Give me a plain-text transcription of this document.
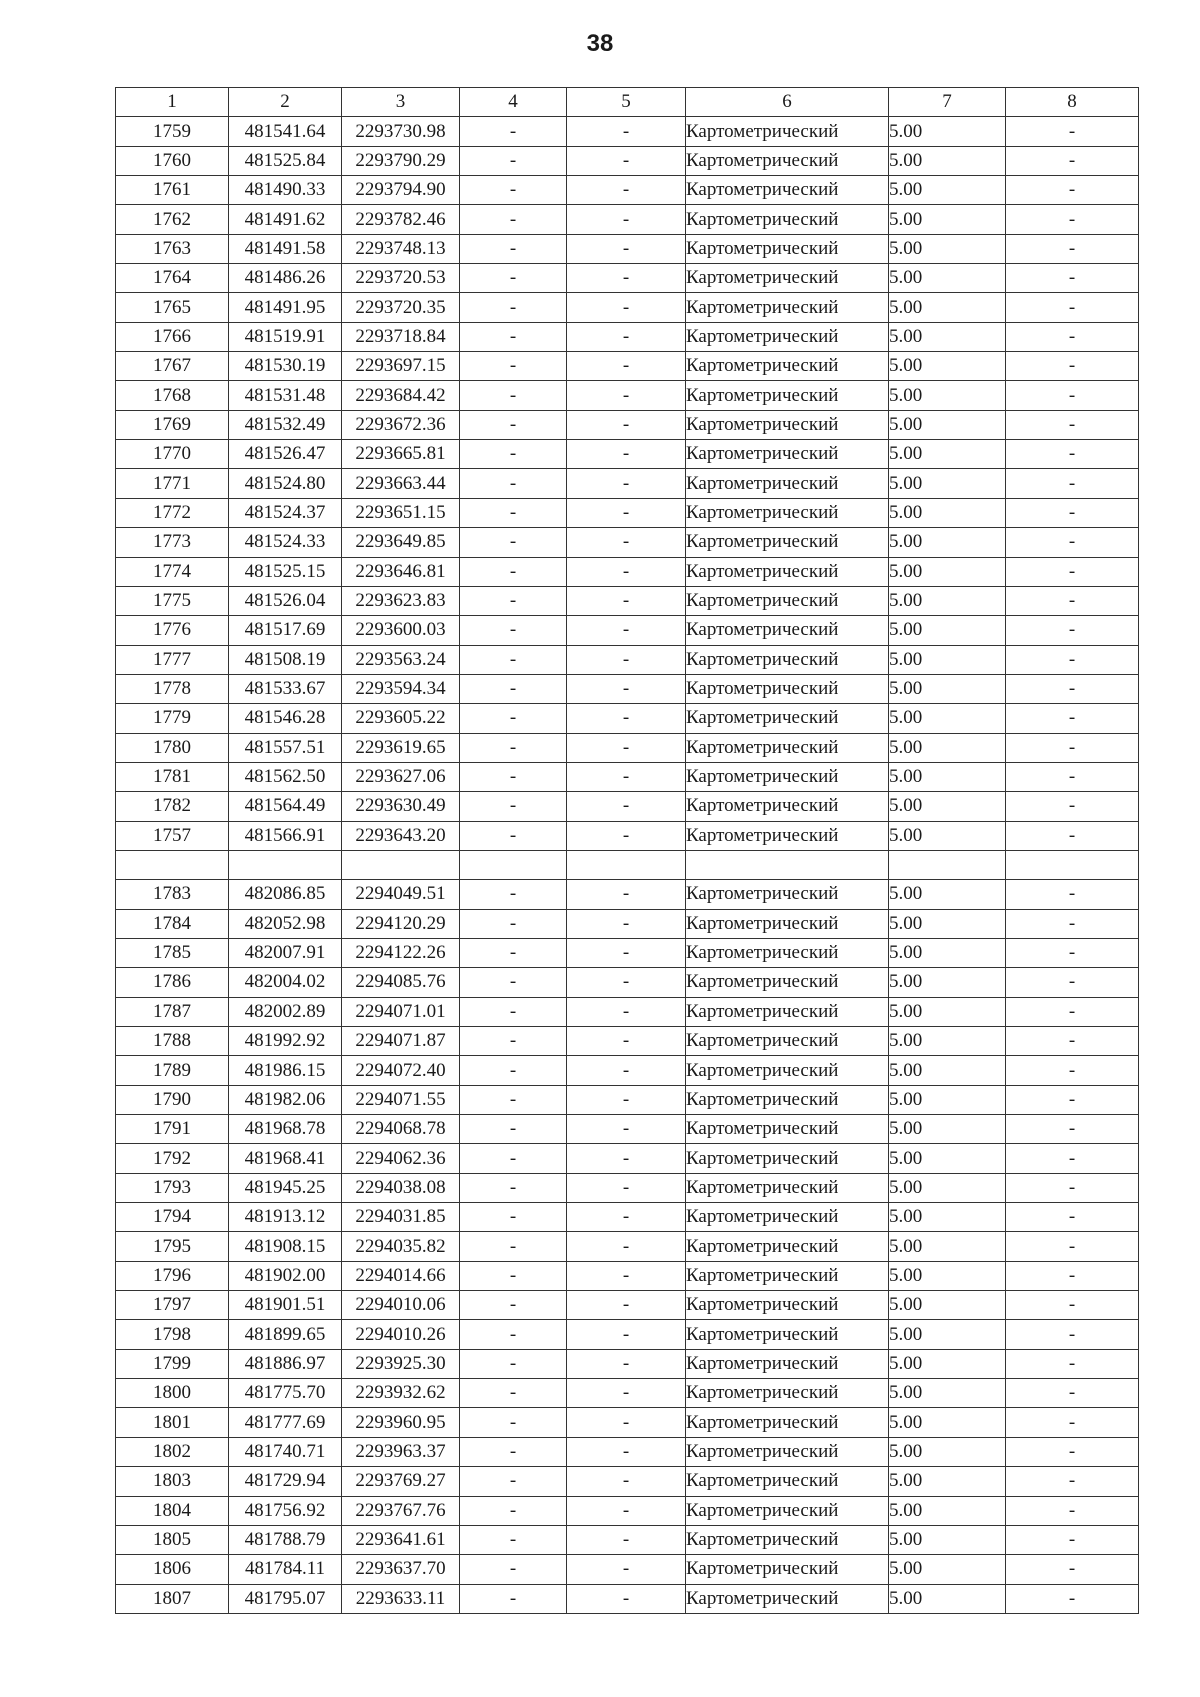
38
1	2	3	4	5	6	7	8
1759	481541.64	2293730.98	-	-	Картометрический	5.00	-
1760	481525.84	2293790.29	-	-	Картометрический	5.00	-
1761	481490.33	2293794.90	-	-	Картометрический	5.00	-
1762	481491.62	2293782.46	-	-	Картометрический	5.00	-
1763	481491.58	2293748.13	-	-	Картометрический	5.00	-
1764	481486.26	2293720.53	-	-	Картометрический	5.00	-
1765	481491.95	2293720.35	-	-	Картометрический	5.00	-
1766	481519.91	2293718.84	-	-	Картометрический	5.00	-
1767	481530.19	2293697.15	-	-	Картометрический	5.00	-
1768	481531.48	2293684.42	-	-	Картометрический	5.00	-
1769	481532.49	2293672.36	-	-	Картометрический	5.00	-
1770	481526.47	2293665.81	-	-	Картометрический	5.00	-
1771	481524.80	2293663.44	-	-	Картометрический	5.00	-
1772	481524.37	2293651.15	-	-	Картометрический	5.00	-
1773	481524.33	2293649.85	-	-	Картометрический	5.00	-
1774	481525.15	2293646.81	-	-	Картометрический	5.00	-
1775	481526.04	2293623.83	-	-	Картометрический	5.00	-
1776	481517.69	2293600.03	-	-	Картометрический	5.00	-
1777	481508.19	2293563.24	-	-	Картометрический	5.00	-
1778	481533.67	2293594.34	-	-	Картометрический	5.00	-
1779	481546.28	2293605.22	-	-	Картометрический	5.00	-
1780	481557.51	2293619.65	-	-	Картометрический	5.00	-
1781	481562.50	2293627.06	-	-	Картометрический	5.00	-
1782	481564.49	2293630.49	-	-	Картометрический	5.00	-
1757	481566.91	2293643.20	-	-	Картометрический	5.00	-

1783	482086.85	2294049.51	-	-	Картометрический	5.00	-
1784	482052.98	2294120.29	-	-	Картометрический	5.00	-
1785	482007.91	2294122.26	-	-	Картометрический	5.00	-
1786	482004.02	2294085.76	-	-	Картометрический	5.00	-
1787	482002.89	2294071.01	-	-	Картометрический	5.00	-
1788	481992.92	2294071.87	-	-	Картометрический	5.00	-
1789	481986.15	2294072.40	-	-	Картометрический	5.00	-
1790	481982.06	2294071.55	-	-	Картометрический	5.00	-
1791	481968.78	2294068.78	-	-	Картометрический	5.00	-
1792	481968.41	2294062.36	-	-	Картометрический	5.00	-
1793	481945.25	2294038.08	-	-	Картометрический	5.00	-
1794	481913.12	2294031.85	-	-	Картометрический	5.00	-
1795	481908.15	2294035.82	-	-	Картометрический	5.00	-
1796	481902.00	2294014.66	-	-	Картометрический	5.00	-
1797	481901.51	2294010.06	-	-	Картометрический	5.00	-
1798	481899.65	2294010.26	-	-	Картометрический	5.00	-
1799	481886.97	2293925.30	-	-	Картометрический	5.00	-
1800	481775.70	2293932.62	-	-	Картометрический	5.00	-
1801	481777.69	2293960.95	-	-	Картометрический	5.00	-
1802	481740.71	2293963.37	-	-	Картометрический	5.00	-
1803	481729.94	2293769.27	-	-	Картометрический	5.00	-
1804	481756.92	2293767.76	-	-	Картометрический	5.00	-
1805	481788.79	2293641.61	-	-	Картометрический	5.00	-
1806	481784.11	2293637.70	-	-	Картометрический	5.00	-
1807	481795.07	2293633.11	-	-	Картометрический	5.00	-
